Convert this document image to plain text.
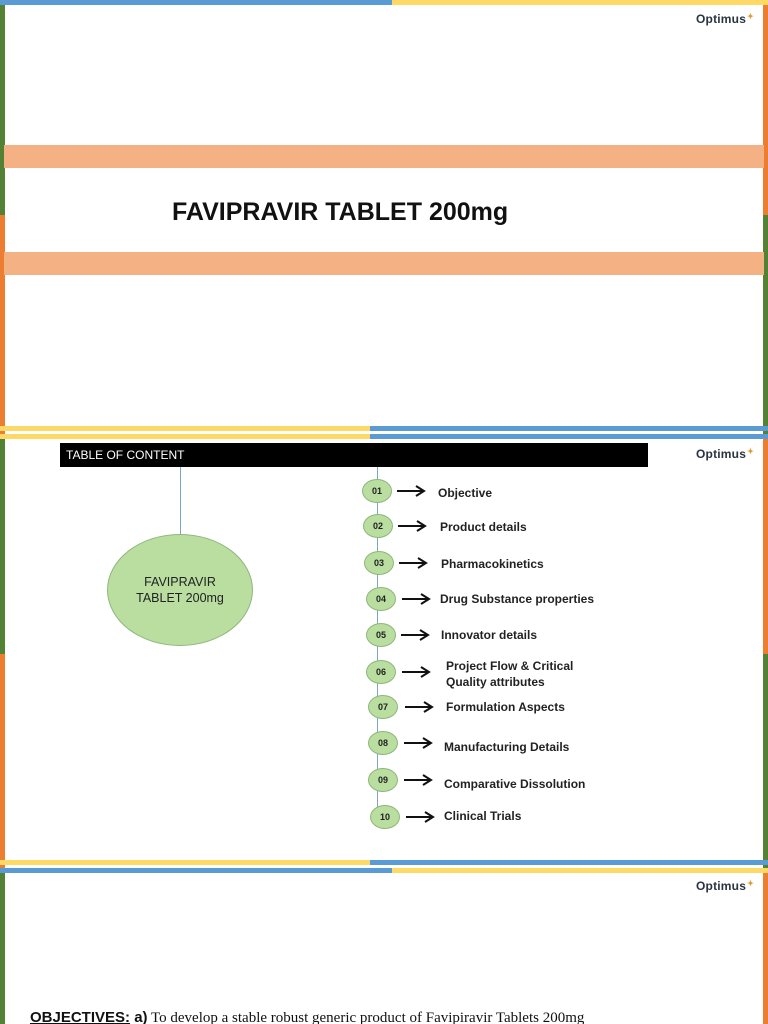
Optimus✦
FAVIPRAVIR TABLET 200mg
Optimus✦
TABLE OF CONTENT
FAVIPRAVIR
TABLET 200mg
01	Objective
02	Product details
03	Pharmacokinetics
04	Drug Substance properties
05	Innovator details
06	Project Flow & Critical
Quality attributes
07	Formulation Aspects
08	Manufacturing Details
09	Comparative Dissolution
10	Clinical Trials
Optimus✦
OBJECTIVES: a) To develop a stable robust generic product of Favipiravir Tablets 200mg
